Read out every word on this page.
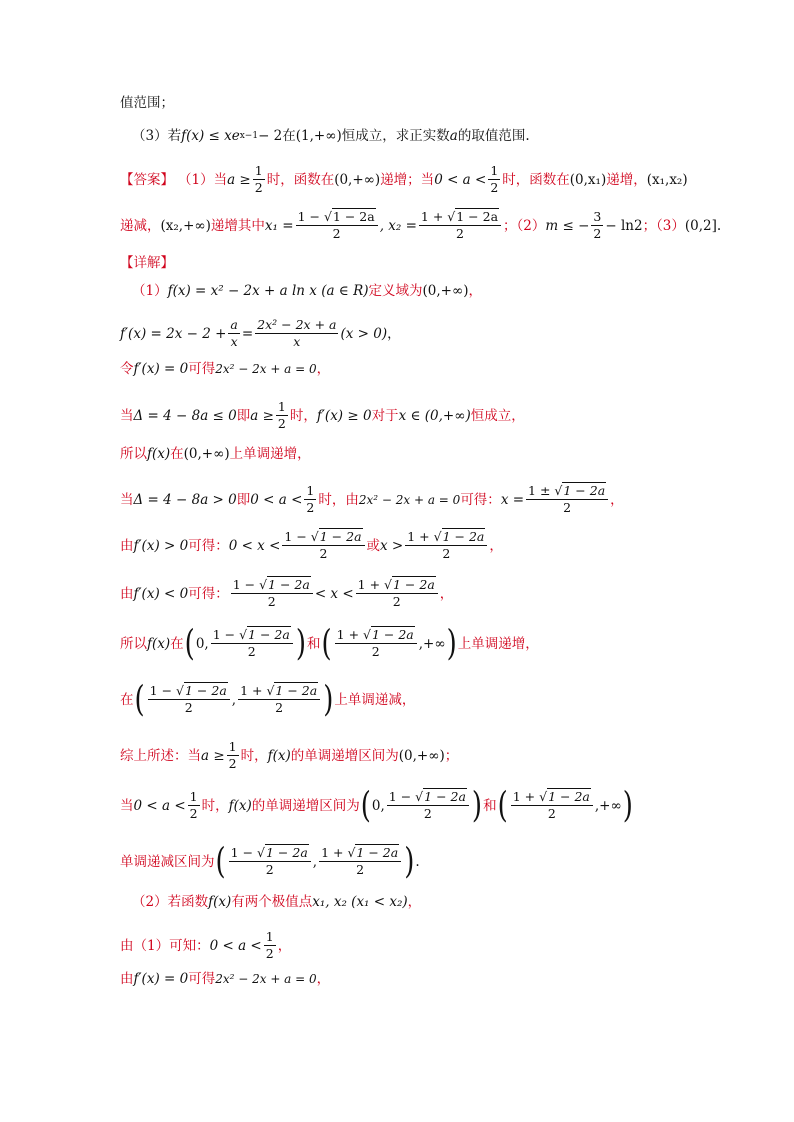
值范围；
（3）若 f(x) ≤ xe x−1 − 2 在 (1,+∞) 恒成立，求正实数 a 的取值范围.
【答案】 （1）当 $a \ge \frac{1}{2}$ 时，函数在 (0,+∞) 递增；当 $0 < a < \frac{1}{2}$ 时，函数在 (0,x₁) 递增， (x₁,x₂)
递减， (x₂,+∞) 递增其中 $x_1 = \frac{1 - √1 - 2a}{2}$ , $x_2 = \frac{1 + √1 - 2a}{2}$ ；（2） m ≤ − $\frac{3}{2} - \ln 2$ ；（3） (0,2] .
【详解】
（1） f(x) = x² − 2x + a ln x (a ∈ R) 定义域为 (0,+∞) ，
$f'(x) = 2x - 2 + \frac{a}{x} = \frac{\text{2x² − 2x + a}}{x} (x > 0)$ ，
令 f′(x) = 0 可得 2x² − 2x + a = 0 ，
当 Δ = 4 − 8a ≤ 0 即 $a \ge \frac{1}{2}$ 时， f′(x) ≥ 0 对于 x ∈ (0,+∞) 恒成立，
所以 f(x) 在 (0,+∞) 上单调递增，
当 Δ = 4 − 8a > 0 即 $0 < a < \frac{1}{2}$ 时，由 2x² − 2x + a = 0 可得： $x = \frac{1 \pm √1 - 2a}{2}$ ，
由 f′(x) > 0 可得： $0 < x < \frac{1 - √1 - 2a}{2}$ 或 $x > \frac{1 + √1 - 2a}{2}$ ，
由 f′(x) < 0 可得： $\frac{1 - √1 - 2a}{2} < x < \frac{1 + √1 - 2a}{2}$ ，
所以 f(x) 在 ( 0, $\frac{1 - √1 - 2a}{2}$ ) 和 ( $\frac{1 + √1 - 2a}{2}$ ,+∞ ) 上单调递增，
在 ( $\frac{1 - √1 - 2a}{2}$ , $\frac{1 + √1 - 2a}{2}$ ) 上单调递减，
综上所述：当 $a \ge \frac{1}{2}$ 时， f(x) 的单调递增区间为 (0,+∞) ；
当 $0 < a < \frac{1}{2}$ 时， f(x) 的单调递增区间为 ( 0, $\frac{1 - √1 - 2a}{2}$ ) 和 ( $\frac{1 + √1 - 2a}{2}$ ,+∞ )
单调递减区间为 ( $\frac{1 - √1 - 2a}{2}$ , $\frac{1 + √1 - 2a}{2}$ ) .
（2）若函数 f(x) 有两个极值点 x₁, x₂ (x₁ < x₂) ，
由（1）可知： $0 < a < \frac{1}{2}$ ，
由 f′(x) = 0 可得 2x² − 2x + a = 0 ，
